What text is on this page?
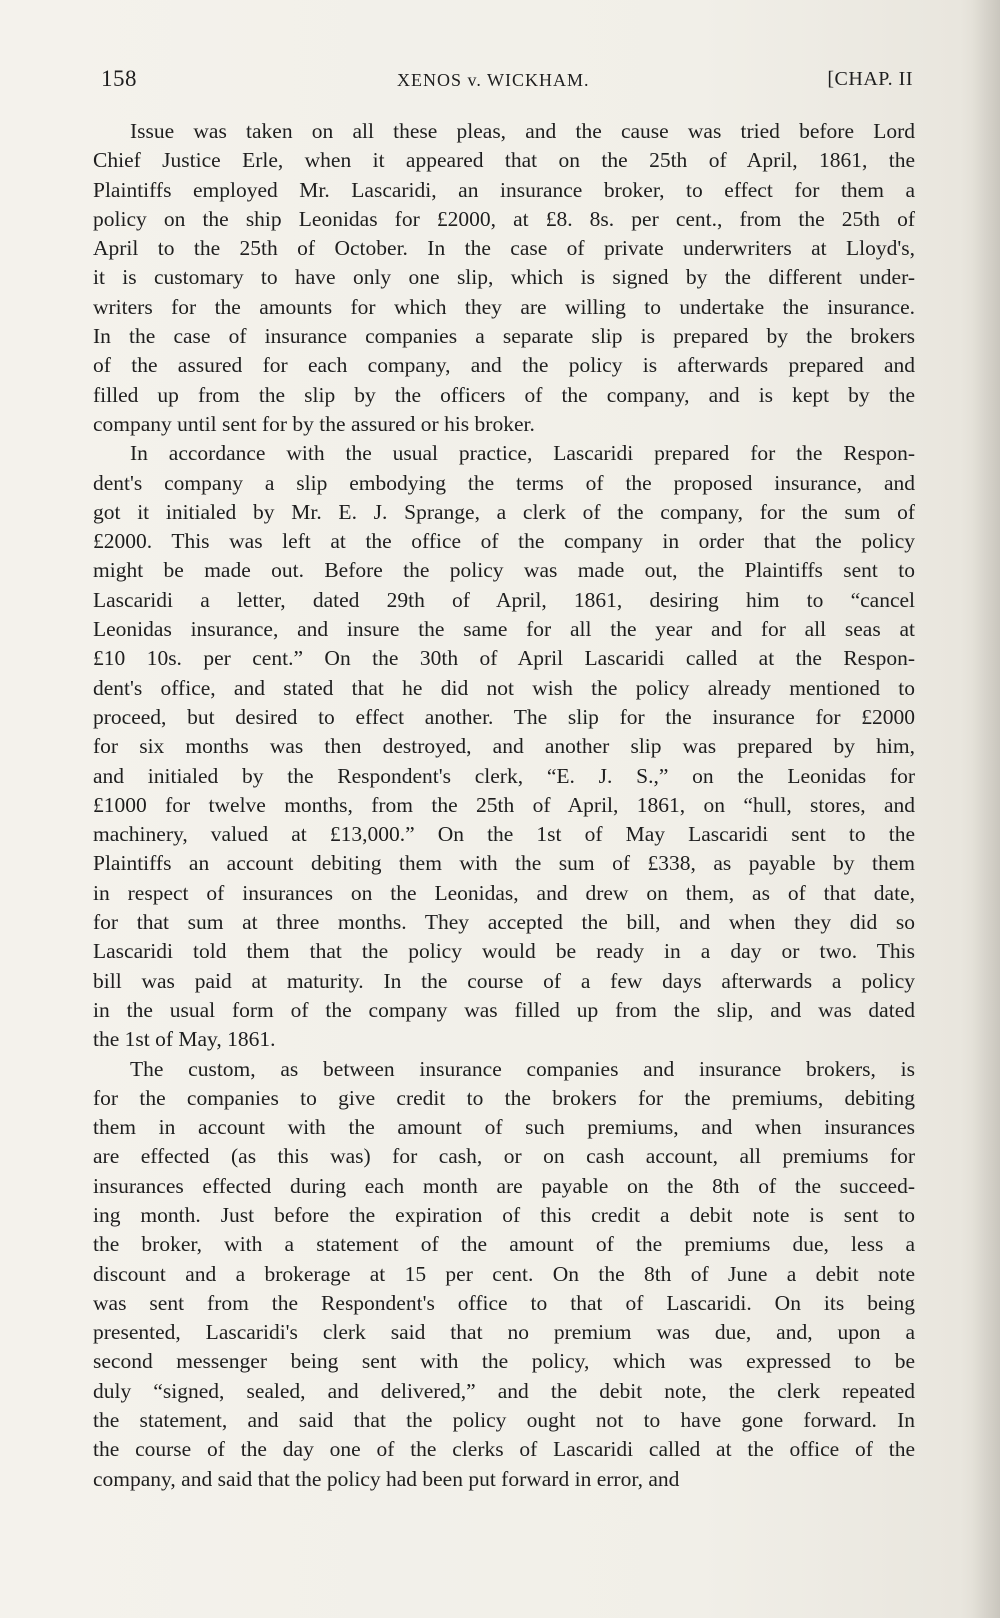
158	XENOS v. WICKHAM.	[CHAP. II
Issue was taken on all these pleas, and the cause was tried before Lord
Chief Justice Erle, when it appeared that on the 25th of April, 1861, the
Plaintiffs employed Mr. Lascaridi, an insurance broker, to effect for them a
policy on the ship Leonidas for £2000, at £8. 8s. per cent., from the 25th of
April to the 25th of October. In the case of private underwriters at Lloyd's,
it is customary to have only one slip, which is signed by the different under-
writers for the amounts for which they are willing to undertake the insurance.
In the case of insurance companies a separate slip is prepared by the brokers
of the assured for each company, and the policy is afterwards prepared and
filled up from the slip by the officers of the company, and is kept by the
company until sent for by the assured or his broker.
In accordance with the usual practice, Lascaridi prepared for the Respon-
dent's company a slip embodying the terms of the proposed insurance, and
got it initialed by Mr. E. J. Sprange, a clerk of the company, for the sum of
£2000. This was left at the office of the company in order that the policy
might be made out. Before the policy was made out, the Plaintiffs sent to
Lascaridi a letter, dated 29th of April, 1861, desiring him to “cancel
Leonidas insurance, and insure the same for all the year and for all seas at
£10 10s. per cent.” On the 30th of April Lascaridi called at the Respon-
dent's office, and stated that he did not wish the policy already mentioned to
proceed, but desired to effect another. The slip for the insurance for £2000
for six months was then destroyed, and another slip was prepared by him,
and initialed by the Respondent's clerk, “E. J. S.,” on the Leonidas for
£1000 for twelve months, from the 25th of April, 1861, on “hull, stores, and
machinery, valued at £13,000.” On the 1st of May Lascaridi sent to the
Plaintiffs an account debiting them with the sum of £338, as payable by them
in respect of insurances on the Leonidas, and drew on them, as of that date,
for that sum at three months. They accepted the bill, and when they did so
Lascaridi told them that the policy would be ready in a day or two. This
bill was paid at maturity. In the course of a few days afterwards a policy
in the usual form of the company was filled up from the slip, and was dated
the 1st of May, 1861.
The custom, as between insurance companies and insurance brokers, is
for the companies to give credit to the brokers for the premiums, debiting
them in account with the amount of such premiums, and when insurances
are effected (as this was) for cash, or on cash account, all premiums for
insurances effected during each month are payable on the 8th of the succeed-
ing month. Just before the expiration of this credit a debit note is sent to
the broker, with a statement of the amount of the premiums due, less a
discount and a brokerage at 15 per cent. On the 8th of June a debit note
was sent from the Respondent's office to that of Lascaridi. On its being
presented, Lascaridi's clerk said that no premium was due, and, upon a
second messenger being sent with the policy, which was expressed to be
duly “signed, sealed, and delivered,” and the debit note, the clerk repeated
the statement, and said that the policy ought not to have gone forward. In
the course of the day one of the clerks of Lascaridi called at the office of the
company, and said that the policy had been put forward in error, and
